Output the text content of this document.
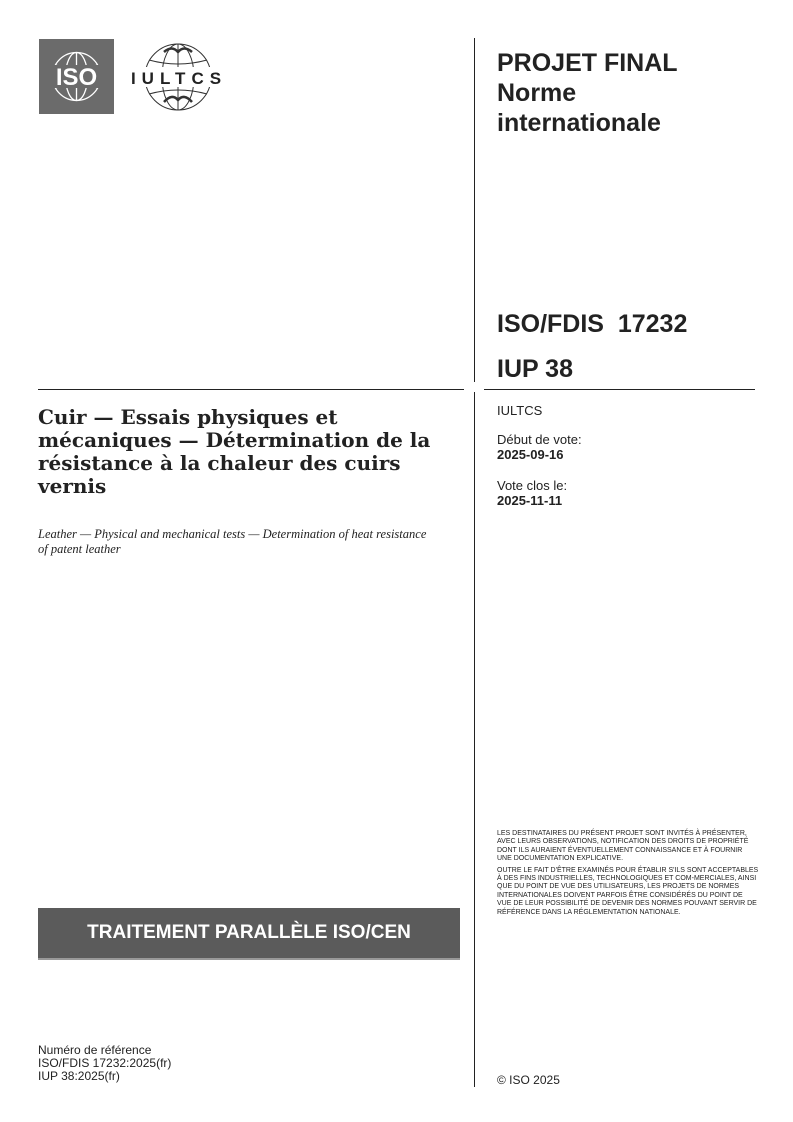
ISO IULTCS
PROJET FINAL
Norme
internationale
ISO/FDIS  17232
IUP 38
Cuir — Essais physiques et mécaniques — Détermination de la résistance à la chaleur des cuirs vernis
Leather — Physical and mechanical tests — Determination of heat resistance of patent leather
IULTCS
Début de vote:
2025-09-16
Vote clos le:
2025-11-11

LES DESTINATAIRES DU PRÉSENT PROJET SONT INVITÉS À PRÉSENTER, AVEC LEURS OBSERVATIONS, NOTIFICATION DES DROITS DE PROPRIÉTÉ DONT ILS AURAIENT ÉVENTUELLEMENT CONNAISSANCE ET À FOURNIR UNE DOCUMENTATION EXPLICATIVE.

OUTRE LE FAIT D'ÊTRE EXAMINÉS POUR ÉTABLIR S'ILS SONT ACCEPTABLES À DES FINS INDUSTRIELLES, TECHNOLOGIQUES ET COM-MERCIALES, AINSI QUE DU POINT DE VUE DES UTILISATEURS, LES PROJETS DE NORMES INTERNATIONALES DOIVENT PARFOIS ÊTRE CONSIDÉRÉS DU POINT DE VUE DE LEUR POSSIBILITÉ DE DEVENIR DES NORMES POUVANT SERVIR DE RÉFÉRENCE DANS LA RÉGLEMENTATION NATIONALE.

TRAITEMENT PARALLÈLE ISO/CEN
Numéro de référence
ISO/FDIS 17232:2025(fr)
IUP 38:2025(fr)	© ISO 2025
